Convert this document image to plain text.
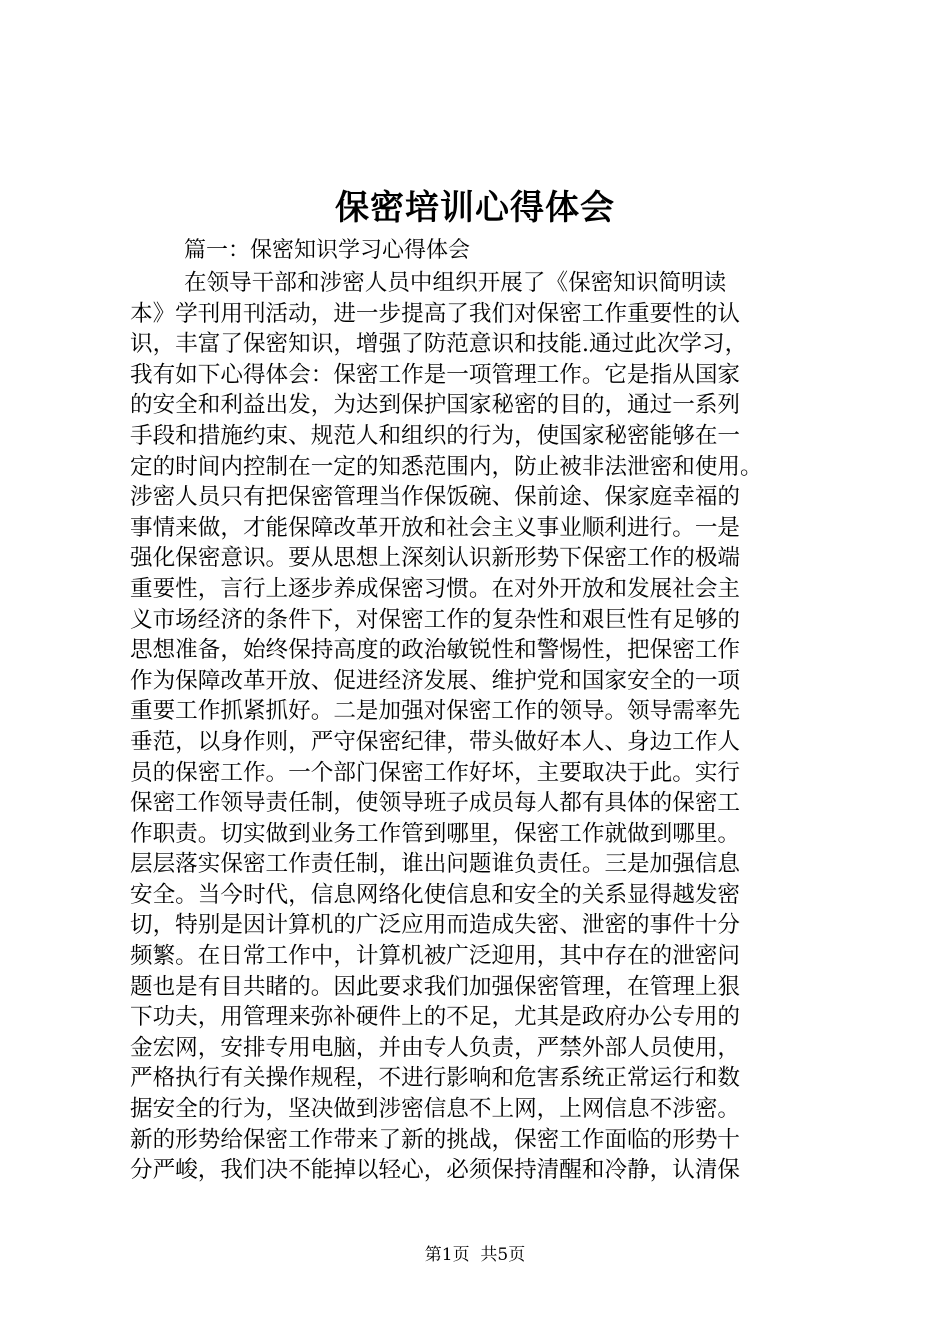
保密培训心得体会
篇一：保密知识学习心得体会
在领导干部和涉密人员中组织开展了《保密知识简明读
本》学刊用刊活动，进一步提高了我们对保密工作重要性的认
识，丰富了保密知识，增强了防范意识和技能.通过此次学习，
我有如下心得体会：保密工作是一项管理工作。它是指从国家
的安全和利益出发，为达到保护国家秘密的目的，通过一系列
手段和措施约束、规范人和组织的行为，使国家秘密能够在一
定的时间内控制在一定的知悉范围内，防止被非法泄密和使用。
涉密人员只有把保密管理当作保饭碗、保前途、保家庭幸福的
事情来做，才能保障改革开放和社会主义事业顺利进行。一是
强化保密意识。要从思想上深刻认识新形势下保密工作的极端
重要性，言行上逐步养成保密习惯。在对外开放和发展社会主
义市场经济的条件下，对保密工作的复杂性和艰巨性有足够的
思想准备，始终保持高度的政治敏锐性和警惕性，把保密工作
作为保障改革开放、促进经济发展、维护党和国家安全的一项
重要工作抓紧抓好。二是加强对保密工作的领导。领导需率先
垂范，以身作则，严守保密纪律，带头做好本人、身边工作人
员的保密工作。一个部门保密工作好坏，主要取决于此。实行
保密工作领导责任制，使领导班子成员每人都有具体的保密工
作职责。切实做到业务工作管到哪里，保密工作就做到哪里。
层层落实保密工作责任制，谁出问题谁负责任。三是加强信息
安全。当今时代，信息网络化使信息和安全的关系显得越发密
切，特别是因计算机的广泛应用而造成失密、泄密的事件十分
频繁。在日常工作中，计算机被广泛迎用，其中存在的泄密问
题也是有目共睹的。因此要求我们加强保密管理，在管理上狠
下功夫，用管理来弥补硬件上的不足，尤其是政府办公专用的
金宏网，安排专用电脑，并由专人负责，严禁外部人员使用，
严格执行有关操作规程，不进行影响和危害系统正常运行和数
据安全的行为，坚决做到涉密信息不上网，上网信息不涉密。
新的形势给保密工作带来了新的挑战，保密工作面临的形势十
分严峻，我们决不能掉以轻心，必须保持清醒和冷静，认清保
第1页  共5页
